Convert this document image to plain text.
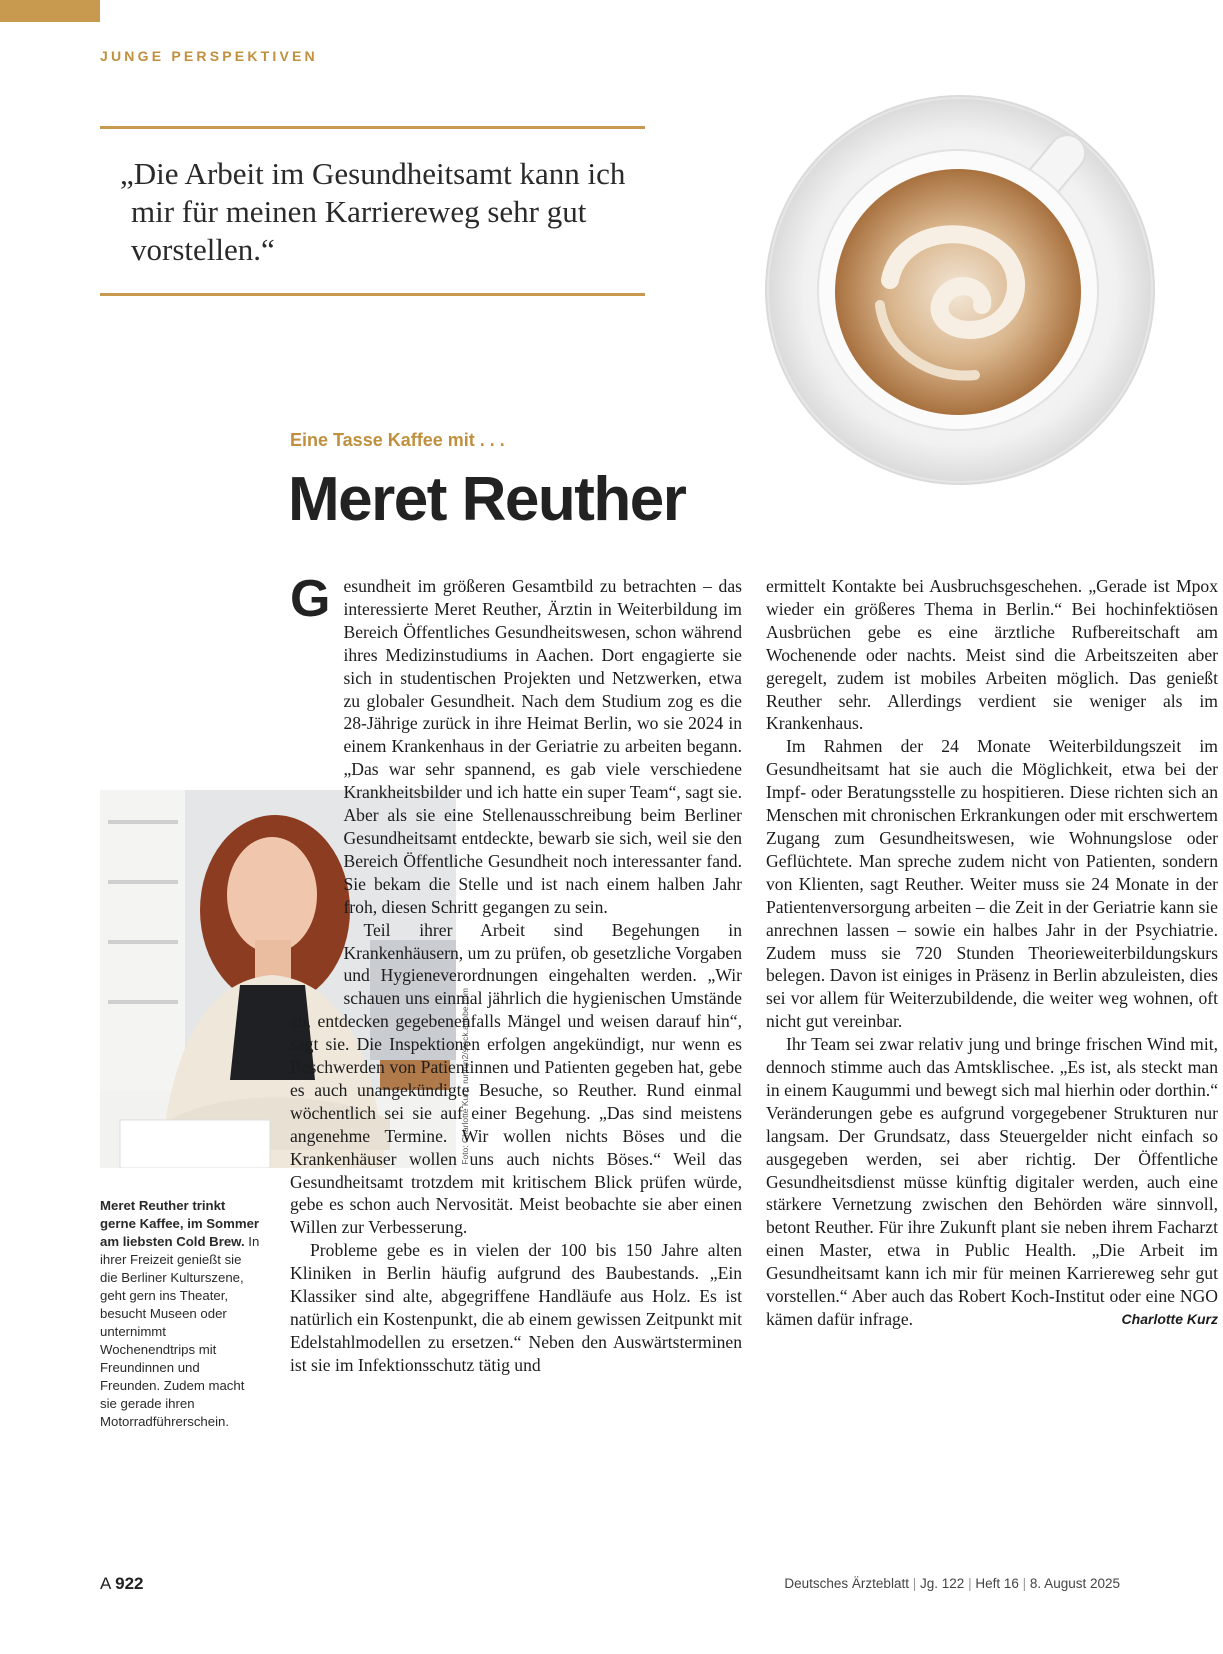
JUNGE PERSPEKTIVEN

„Die Arbeit im Gesundheitsamt kann ich mir für meinen Karriereweg sehr gut vorstellen.“

Eine Tasse Kaffee mit . . .
Meret Reuther
Foto: Charlotte Kurz; runrun2/stock.adobe.com

Gesundheit im größeren Gesamtbild zu betrachten – das interessierte Meret Reuther, Ärztin in Weiterbildung im Bereich Öffentliches Gesundheitswesen, schon während ihres Medizinstudiums in Aachen. Dort engagierte sie sich in studentischen Projekten und Netzwerken, etwa zu globaler Gesundheit. Nach dem Studium zog es die 28-Jährige zurück in ihre Heimat Berlin, wo sie 2024 in einem Krankenhaus in der Geriatrie zu arbeiten begann. „Das war sehr spannend, es gab viele verschiedene Krankheitsbilder und ich hatte ein super Team“, sagt sie. Aber als sie eine Stellenausschreibung beim Berliner Gesundheitsamt entdeckte, bewarb sie sich, weil sie den Bereich Öffentliche Gesundheit noch interessanter fand. Sie bekam die Stelle und ist nach einem halben Jahr froh, diesen Schritt gegangen zu sein.

Teil ihrer Arbeit sind Begehungen in Krankenhäusern, um zu prüfen, ob gesetzliche Vorgaben und Hygieneverordnungen eingehalten werden. „Wir schauen uns einmal jährlich die hygienischen Umstände an, entdecken gegebenenfalls Mängel und weisen darauf hin“, sagt sie. Die Inspektionen erfolgen angekündigt, nur wenn es Beschwerden von Patientinnen und Patienten gegeben hat, gebe es auch unangekündigte Besuche, so Reuther. Rund einmal wöchentlich sei sie auf einer Begehung. „Das sind meistens angenehme Termine. Wir wollen nichts Böses und die Krankenhäuser wollen uns auch nichts Böses.“ Weil das Gesundheitsamt trotzdem mit kritischem Blick prüfen würde, gebe es schon auch Nervosität. Meist beobachte sie aber einen Willen zur Verbesserung.

Probleme gebe es in vielen der 100 bis 150 Jahre alten Kliniken in Berlin häufig aufgrund des Baubestands. „Ein Klassiker sind alte, abgegriffene Handläufe aus Holz. Es ist natürlich ein Kostenpunkt, die ab einem gewissen Zeitpunkt mit Edelstahlmodellen zu ersetzen.“ Neben den Auswärtsterminen ist sie im Infektionsschutz tätig und

ermittelt Kontakte bei Ausbruchsgeschehen. „Gerade ist Mpox wieder ein größeres Thema in Berlin.“ Bei hochinfektiösen Ausbrüchen gebe es eine ärztliche Rufbereitschaft am Wochenende oder nachts. Meist sind die Arbeitszeiten aber geregelt, zudem ist mobiles Arbeiten möglich. Das genießt Reuther sehr. Allerdings verdient sie weniger als im Krankenhaus.

Im Rahmen der 24 Monate Weiterbildungszeit im Gesundheitsamt hat sie auch die Möglichkeit, etwa bei der Impf- oder Beratungsstelle zu hospitieren. Diese richten sich an Menschen mit chronischen Erkrankungen oder mit erschwertem Zugang zum Gesundheitswesen, wie Wohnungslose oder Geflüchtete. Man spreche zudem nicht von Patienten, sondern von Klienten, sagt Reuther. Weiter muss sie 24 Monate in der Patientenversorgung arbeiten – die Zeit in der Geriatrie kann sie anrechnen lassen – sowie ein halbes Jahr in der Psychiatrie. Zudem muss sie 720 Stunden Theorieweiterbildungskurs belegen. Davon ist einiges in Präsenz in Berlin abzuleisten, dies sei vor allem für Weiterzubildende, die weiter weg wohnen, oft nicht gut vereinbar.

Ihr Team sei zwar relativ jung und bringe frischen Wind mit, dennoch stimme auch das Amtsklischee. „Es ist, als steckt man in einem Kaugummi und bewegt sich mal hierhin oder dorthin.“ Veränderungen gebe es aufgrund vorgegebener Strukturen nur langsam. Der Grundsatz, dass Steuergelder nicht einfach so ausgegeben werden, sei aber richtig. Der Öffentliche Gesundheitsdienst müsse künftig digitaler werden, auch eine stärkere Vernetzung zwischen den Behörden wäre sinnvoll, betont Reuther. Für ihre Zukunft plant sie neben ihrem Facharzt einen Master, etwa in Public Health. „Die Arbeit im Gesundheitsamt kann ich mir für meinen Karriereweg sehr gut vorstellen.“ Aber auch das Robert Koch-Institut oder eine NGO kämen dafür infrage.	Charlotte Kurz

Meret Reuther trinkt gerne Kaffee, im Sommer am liebsten Cold Brew. In ihrer Freizeit genießt sie die Berliner Kulturszene, geht gern ins Theater, besucht Museen oder unternimmt Wochenendtrips mit Freundinnen und Freunden. Zudem macht sie gerade ihren Motorradführerschein.
A 922	Deutsches Ärzteblatt | Jg. 122 | Heft 16 | 8. August 2025
